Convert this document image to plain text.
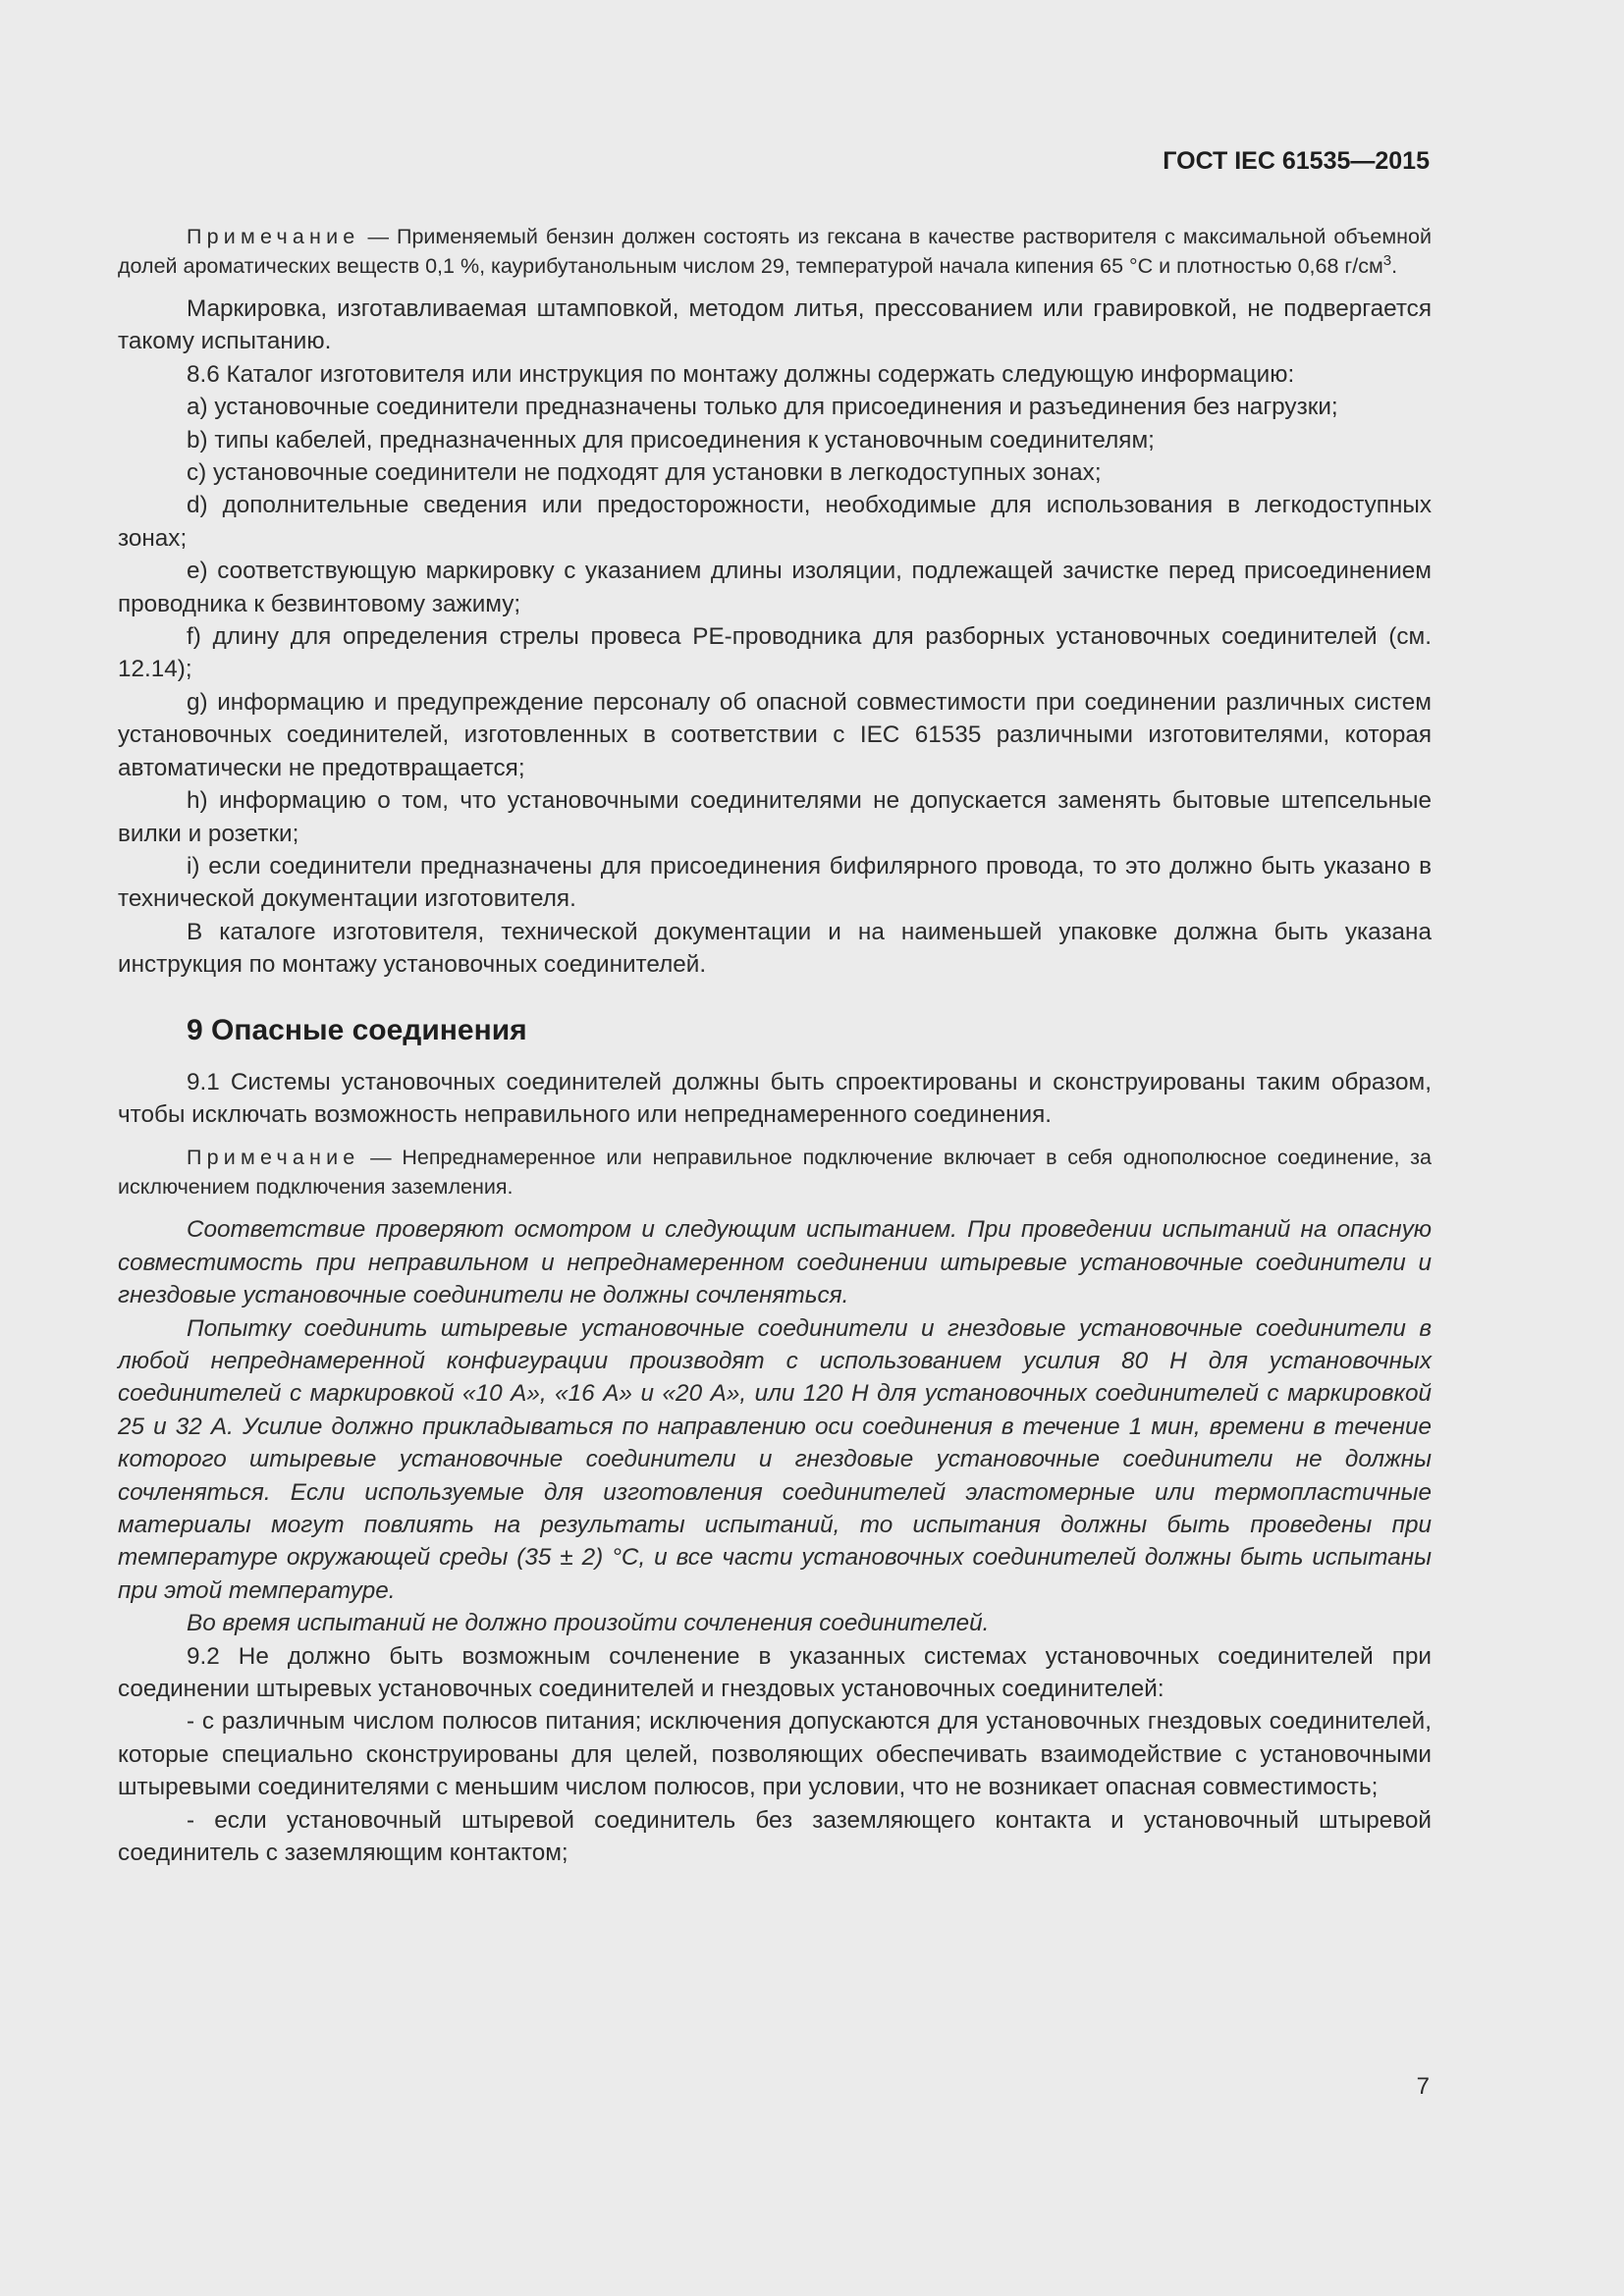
ГОСТ IEC 61535—2015

Примечание — Применяемый бензин должен состоять из гексана в качестве растворителя с максимальной объемной долей ароматических веществ 0,1 %, каурибутанольным числом 29, температурой начала кипения 65 °С и плотностью 0,68 $г/см^3$.

Маркировка, изготавливаемая штамповкой, методом литья, прессованием или гравировкой, не подвергается такому испытанию.

8.6 Каталог изготовителя или инструкция по монтажу должны содержать следующую информацию:

a) установочные соединители предназначены только для присоединения и разъединения без нагрузки;

b) типы кабелей, предназначенных для присоединения к установочным соединителям;

c) установочные соединители не подходят для установки в легкодоступных зонах;

d) дополнительные сведения или предосторожности, необходимые для использования в легкодоступных зонах;

e) соответствующую маркировку с указанием длины изоляции, подлежащей зачистке перед присоединением проводника к безвинтовому зажиму;

f) длину для определения стрелы провеса PE-проводника для разборных установочных соединителей (см. 12.14);

g) информацию и предупреждение персоналу об опасной совместимости при соединении различных систем установочных соединителей, изготовленных в соответствии с IEC 61535 различными изготовителями, которая автоматически не предотвращается;

h) информацию о том, что установочными соединителями не допускается заменять бытовые штепсельные вилки и розетки;

i) если соединители предназначены для присоединения бифилярного провода, то это должно быть указано в технической документации изготовителя.

В каталоге изготовителя, технической документации и на наименьшей упаковке должна быть указана инструкция по монтажу установочных соединителей.

9 Опасные соединения

9.1 Системы установочных соединителей должны быть спроектированы и сконструированы таким образом, чтобы исключать возможность неправильного или непреднамеренного соединения.

Примечание — Непреднамеренное или неправильное подключение включает в себя однополюсное соединение, за исключением подключения заземления.

Соответствие проверяют осмотром и следующим испытанием. При проведении испытаний на опасную совместимость при неправильном и непреднамеренном соединении штыревые установочные соединители и гнездовые установочные соединители не должны сочленяться.

Попытку соединить штыревые установочные соединители и гнездовые установочные соединители в любой непреднамеренной конфигурации производят с использованием усилия 80 Н для установочных соединителей с маркировкой «10 А», «16 А» и «20 А», или 120 Н для установочных соединителей с маркировкой 25 и 32 А. Усилие должно прикладываться по направлению оси соединения в течение 1 мин, времени в течение которого штыревые установочные соединители и гнездовые установочные соединители не должны сочленяться. Если используемые для изготовления соединителей эластомерные или термопластичные материалы могут повлиять на результаты испытаний, то испытания должны быть проведены при температуре окружающей среды (35 ± 2) °С, и все части установочных соединителей должны быть испытаны при этой температуре.

Во время испытаний не должно произойти сочленения соединителей.

9.2 Не должно быть возможным сочленение в указанных системах установочных соединителей при соединении штыревых установочных соединителей и гнездовых установочных соединителей:

- с различным числом полюсов питания; исключения допускаются для установочных гнездовых соединителей, которые специально сконструированы для целей, позволяющих обеспечивать взаимодействие с установочными штыревыми соединителями с меньшим числом полюсов, при условии, что не возникает опасная совместимость;

- если установочный штыревой соединитель без заземляющего контакта и установочный штыревой соединитель с заземляющим контактом;

7
